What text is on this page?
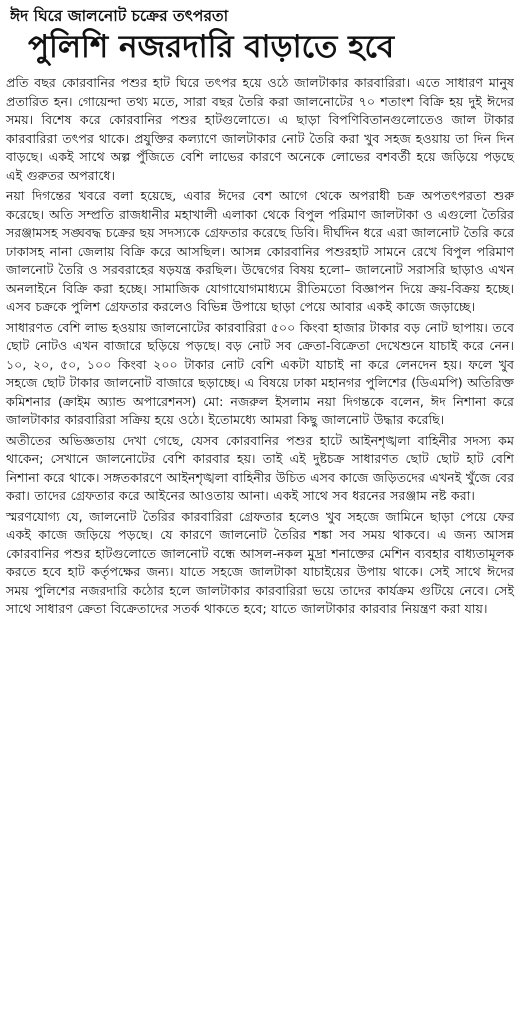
ঈদ ঘিরে জালনোট চক্রের তৎপরতা
পুলিশি নজরদারি বাড়াতে হবে

প্রতি বছর কোরবানির পশুর হাট ঘিরে তৎপর হয়ে ওঠে জালটাকার কারবারিরা। এতে সাধারণ মানুষ প্রতারিত হন। গোয়েন্দা তথ্য মতে, সারা বছর তৈরি করা জালনোটের ৭০ শতাংশ বিক্রি হয় দুই ঈদের সময়। বিশেষ করে কোরবানির পশুর হাটগুলোতে। এ ছাড়া বিপণিবিতানগুলোতেও জাল টাকার কারবারিরা তৎপর থাকে। প্রযুক্তির কল্যাণে জালটাকার নোট তৈরি করা খুব সহজ হওয়ায় তা দিন দিন বাড়ছে। একই সাথে অল্প পুঁজিতে বেশি লাভের কারণে অনেকে লোভের বশবর্তী হয়ে জড়িয়ে পড়ছে এই গুরুতর অপরাধে।

নয়া দিগন্তের খবরে বলা হয়েছে, এবার ঈদের বেশ আগে থেকে অপরাধী চক্র অপতৎপরতা শুরু করেছে। অতি সম্প্রতি রাজধানীর মহাখালী এলাকা থেকে বিপুল পরিমাণ জালটাকা ও এগুলো তৈরির সরঞ্জামসহ সঙ্ঘবদ্ধ চক্রের ছয় সদস্যকে গ্রেফতার করেছে ডিবি। দীর্ঘদিন ধরে এরা জালনোট তৈরি করে ঢাকাসহ নানা জেলায় বিক্রি করে আসছিল। আসন্ন কোরবানির পশুরহাট সামনে রেখে বিপুল পরিমাণ জালনোট তৈরি ও সরবরাহের ষড়যন্ত্র করছিল। উদ্বেগের বিষয় হলো– জালনোট সরাসরি ছাড়াও এখন অনলাইনে বিক্রি করা হচ্ছে। সামাজিক যোগাযোগমাধ্যমে রীতিমতো বিজ্ঞাপন দিয়ে ক্রয়-বিক্রয় হচ্ছে। এসব চক্রকে পুলিশ গ্রেফতার করলেও বিভিন্ন উপায়ে ছাড়া পেয়ে আবার একই কাজে জড়াচ্ছে।

সাধারণত বেশি লাভ হওয়ায় জালনোটের কারবারিরা ৫০০ কিংবা হাজার টাকার বড় নোট ছাপায়। তবে ছোট নোটও এখন বাজারে ছড়িয়ে পড়ছে। বড় নোট সব ক্রেতা-বিক্রেতা দেখেশুনে যাচাই করে নেন। ১০, ২০, ৫০, ১০০ কিংবা ২০০ টাকার নোট বেশি একটা যাচাই না করে লেনদেন হয়। ফলে খুব সহজে ছোট টাকার জালনোট বাজারে ছড়াচ্ছে। এ বিষয়ে ঢাকা মহানগর পুলিশের (ডিএমপি) অতিরিক্ত কমিশনার (ক্রাইম অ্যান্ড অপারেশনস) মো: নজরুল ইসলাম নয়া দিগন্তকে বলেন, ঈদ নিশানা করে জালটাকার কারবারিরা সক্রিয় হয়ে ওঠে। ইতোমধ্যে আমরা কিছু জালনোট উদ্ধার করেছি।

অতীতের অভিজ্ঞতায় দেখা গেছে, যেসব কোরবানির পশুর হাটে আইনশৃঙ্খলা বাহিনীর সদস্য কম থাকেন; সেখানে জালনোটের বেশি কারবার হয়। তাই এই দুষ্টচক্র সাধারণত ছোট ছোট হাট বেশি নিশানা করে থাকে। সঙ্গতকারণে আইনশৃঙ্খলা বাহিনীর উচিত এসব কাজে জড়িতদের এখনই খুঁজে বের করা। তাদের গ্রেফতার করে আইনের আওতায় আনা। একই সাথে সব ধরনের সরঞ্জাম নষ্ট করা।

স্মরণযোগ্য যে, জালনোট তৈরির কারবারিরা গ্রেফতার হলেও খুব সহজে জামিনে ছাড়া পেয়ে ফের একই কাজে জড়িয়ে পড়ছে। যে কারণে জালনোট তৈরির শঙ্কা সব সময় থাকবে। এ জন্য আসন্ন কোরবানির পশুর হাটগুলোতে জালনোট বন্ধে আসল-নকল মুদ্রা শনাক্তের মেশিন ব্যবহার বাধ্যতামূলক করতে হবে হাট কর্তৃপক্ষের জন্য। যাতে সহজে জালটাকা যাচাইয়ের উপায় থাকে। সেই সাথে ঈদের সময় পুলিশের নজরদারি কঠোর হলে জালটাকার কারবারিরা ভয়ে তাদের কার্যক্রম গুটিয়ে নেবে। সেই সাথে সাধারণ ক্রেতা বিক্রেতাদের সতর্ক থাকতে হবে; যাতে জালটাকার কারবার নিয়ন্ত্রণ করা যায়।
